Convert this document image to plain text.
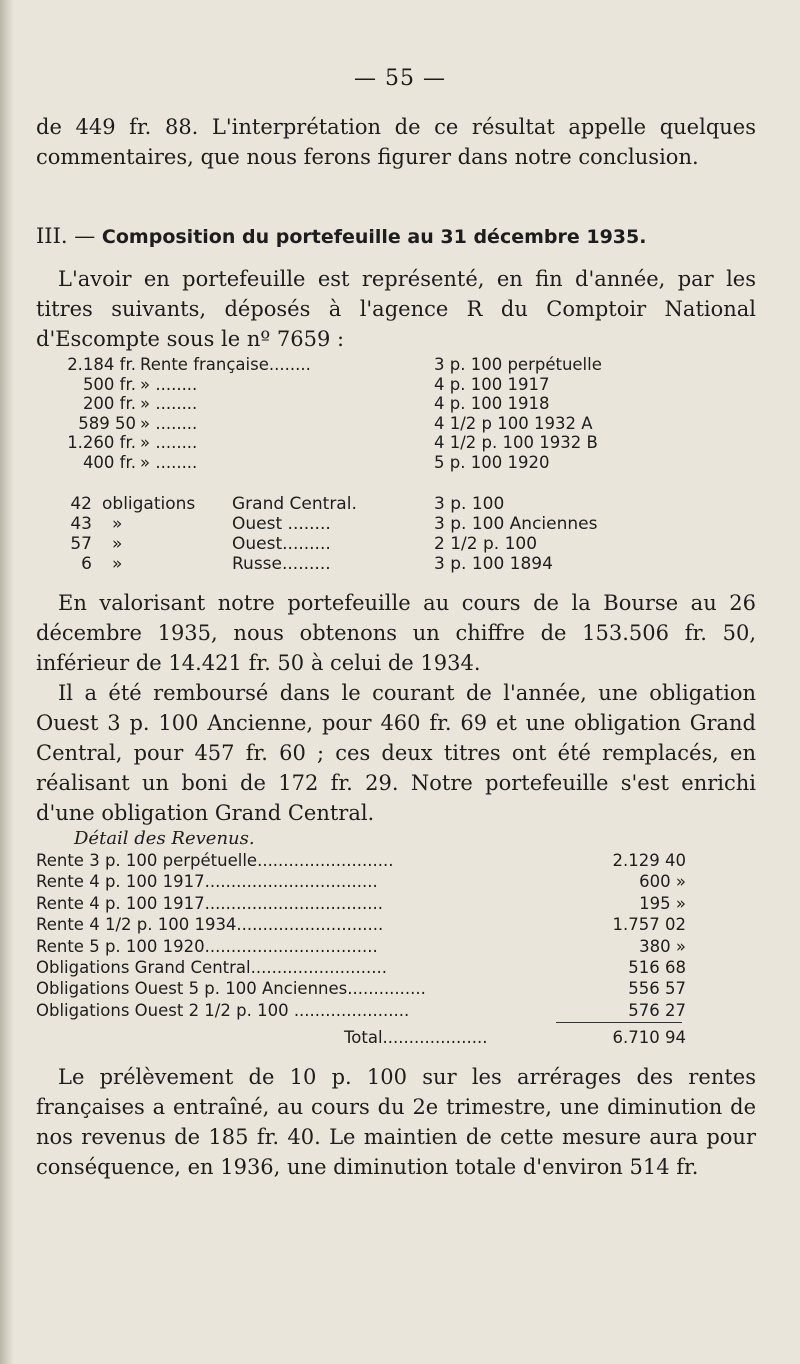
— 55 —
de 449 fr. 88. L'interprétation de ce résultat appelle quelques commentaires, que nous ferons figurer dans notre conclusion.
III. — Composition du portefeuille au 31 décembre 1935.
L'avoir en portefeuille est représenté, en fin d'année, par les titres suivants, déposés à l'agence R du Comptoir National d'Escompte sous le nº 7659 :
2.184 fr. Rente française........	3 p. 100 perpétuelle
500 fr. » ........	4 p. 100 1917
200 fr. » ........	4 p. 100 1918
589 50 » ........	4 1/2 p 100 1932 A
1.260 fr. » ........	4 1/2 p. 100 1932 B
400 fr. » ........	5 p. 100 1920
42 obligations Grand Central.	3 p. 100
43 »	Ouest ........	3 p. 100 Anciennes
57 »	Ouest.........	2 1/2 p. 100
6 »	Russe.........	3 p. 100 1894
En valorisant notre portefeuille au cours de la Bourse au 26 décembre 1935, nous obtenons un chiffre de 153.506 fr. 50, inférieur de 14.421 fr. 50 à celui de 1934.
Il a été remboursé dans le courant de l'année, une obligation Ouest 3 p. 100 Ancienne, pour 460 fr. 69 et une obligation Grand Central, pour 457 fr. 60 ; ces deux titres ont été remplacés, en réalisant un boni de 172 fr. 29. Notre portefeuille s'est enrichi d'une obligation Grand Central.
Détail des Revenus.
Rente 3 p. 100 perpétuelle..........................	2.129 40
Rente 4 p. 100 1917.................................	600 »
Rente 4 p. 100 1917..................................	195 »
Rente 4 1/2 p. 100 1934............................	1.757 02
Rente 5 p. 100 1920.................................	380 »
Obligations Grand Central..........................	516 68
Obligations Ouest 5 p. 100 Anciennes...............	556 57
Obligations Ouest 2 1/2 p. 100 ......................	576 27
Total....................	6.710 94
Le prélèvement de 10 p. 100 sur les arrérages des rentes françaises a entraîné, au cours du 2e trimestre, une diminution de nos revenus de 185 fr. 40. Le maintien de cette mesure aura pour conséquence, en 1936, une diminution totale d'environ 514 fr.
